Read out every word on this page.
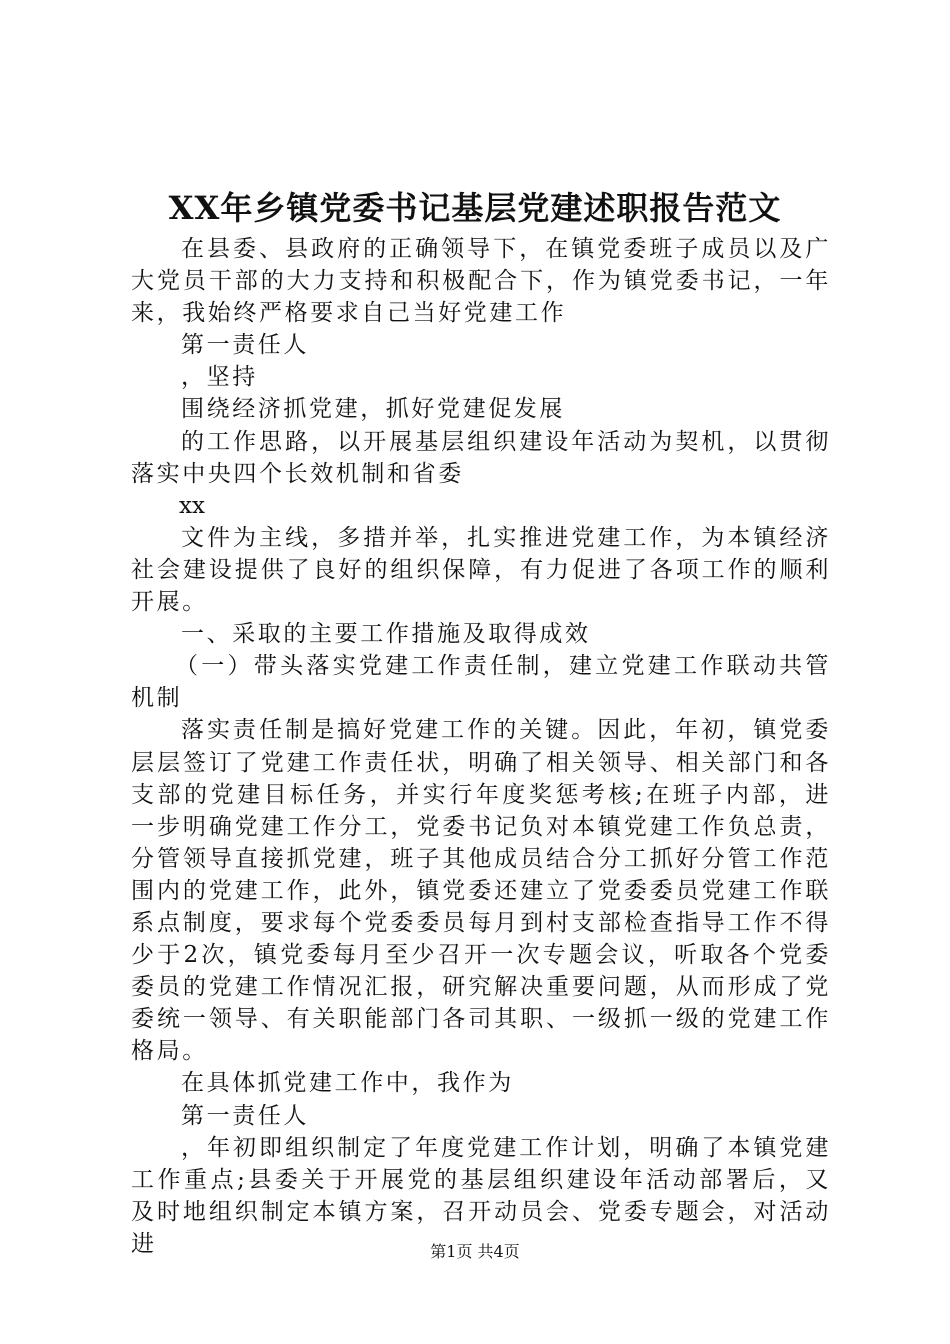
XX年乡镇党委书记基层党建述职报告范文

在县委、县政府的正确领导下，在镇党委班子成员以及广大党员干部的大力支持和积极配合下，作为镇党委书记，一年来，我始终严格要求自己当好党建工作

第一责任人

，坚持

围绕经济抓党建，抓好党建促发展

的工作思路，以开展基层组织建设年活动为契机，以贯彻落实中央四个长效机制和省委

xx

文件为主线，多措并举，扎实推进党建工作，为本镇经济社会建设提供了良好的组织保障，有力促进了各项工作的顺利开展。

一、采取的主要工作措施及取得成效

（一）带头落实党建工作责任制，建立党建工作联动共管机制

落实责任制是搞好党建工作的关键。因此，年初，镇党委层层签订了党建工作责任状，明确了相关领导、相关部门和各支部的党建目标任务，并实行年度奖惩考核;在班子内部，进一步明确党建工作分工，党委书记负对本镇党建工作负总责，分管领导直接抓党建，班子其他成员结合分工抓好分管工作范围内的党建工作，此外，镇党委还建立了党委委员党建工作联系点制度，要求每个党委委员每月到村支部检查指导工作不得少于2次，镇党委每月至少召开一次专题会议，听取各个党委委员的党建工作情况汇报，研究解决重要问题，从而形成了党委统一领导、有关职能部门各司其职、一级抓一级的党建工作格局。

在具体抓党建工作中，我作为

第一责任人

，年初即组织制定了年度党建工作计划，明确了本镇党建工作重点;县委关于开展党的基层组织建设年活动部署后，又及时地组织制定本镇方案，召开动员会、党委专题会，对活动进	第1页 共4页
